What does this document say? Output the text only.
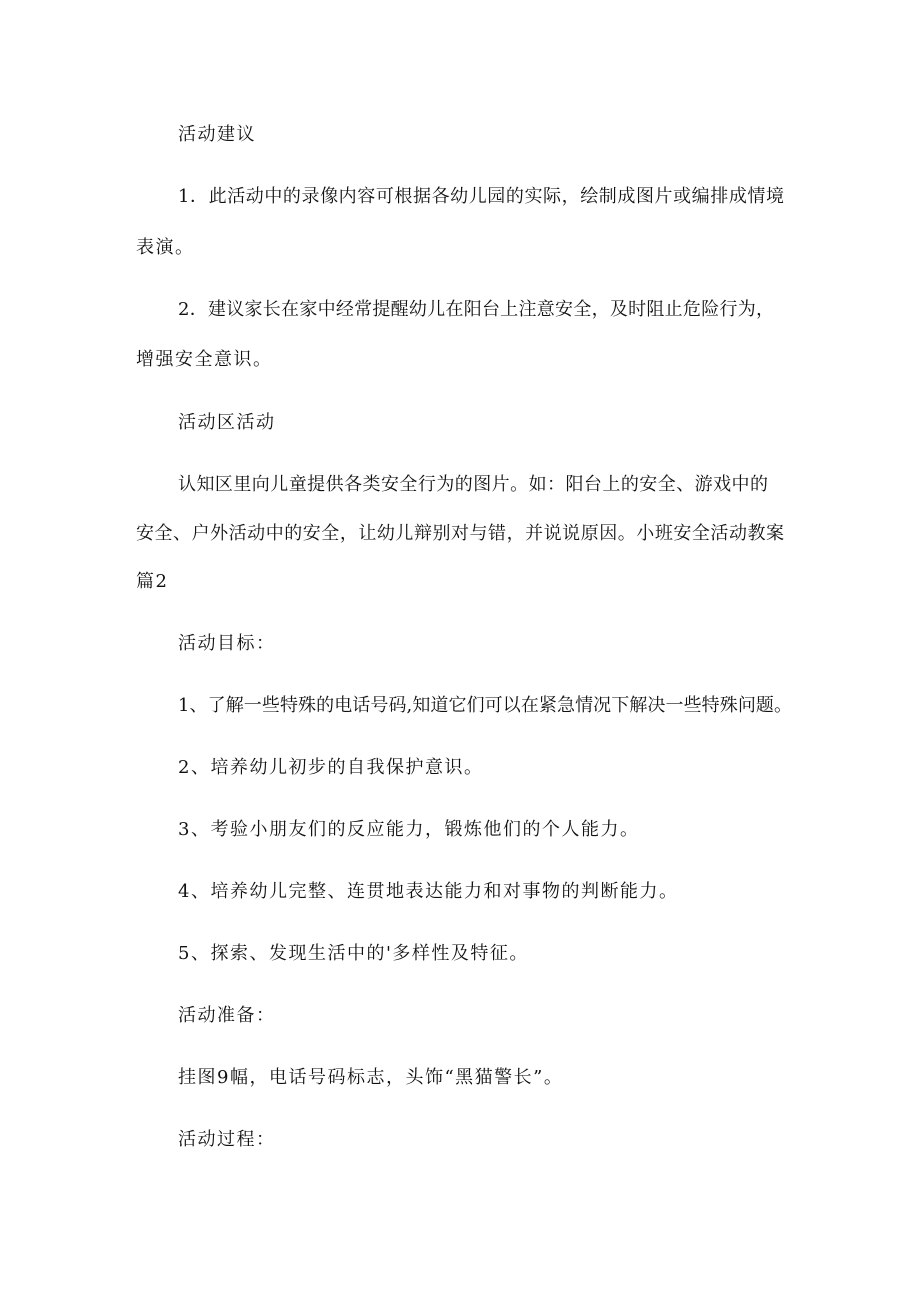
活动建议
1．此活动中的录像内容可根据各幼儿园的实际，绘制成图片或编排成情境
表演。
2．建议家长在家中经常提醒幼儿在阳台上注意安全，及时阻止危险行为，
增强安全意识。
活动区活动
认知区里向儿童提供各类安全行为的图片。如：阳台上的安全、游戏中的
安全、户外活动中的安全，让幼儿辩别对与错，并说说原因。小班安全活动教案
篇2
活动目标：
1、了解一些特殊的电话号码,知道它们可以在紧急情况下解决一些特殊问题。
2、培养幼儿初步的自我保护意识。
3、考验小朋友们的反应能力，锻炼他们的个人能力。
4、培养幼儿完整、连贯地表达能力和对事物的判断能力。
5、探索、发现生活中的'多样性及特征。
活动准备：
挂图9幅，电话号码标志，头饰“黑猫警长”。
活动过程：
